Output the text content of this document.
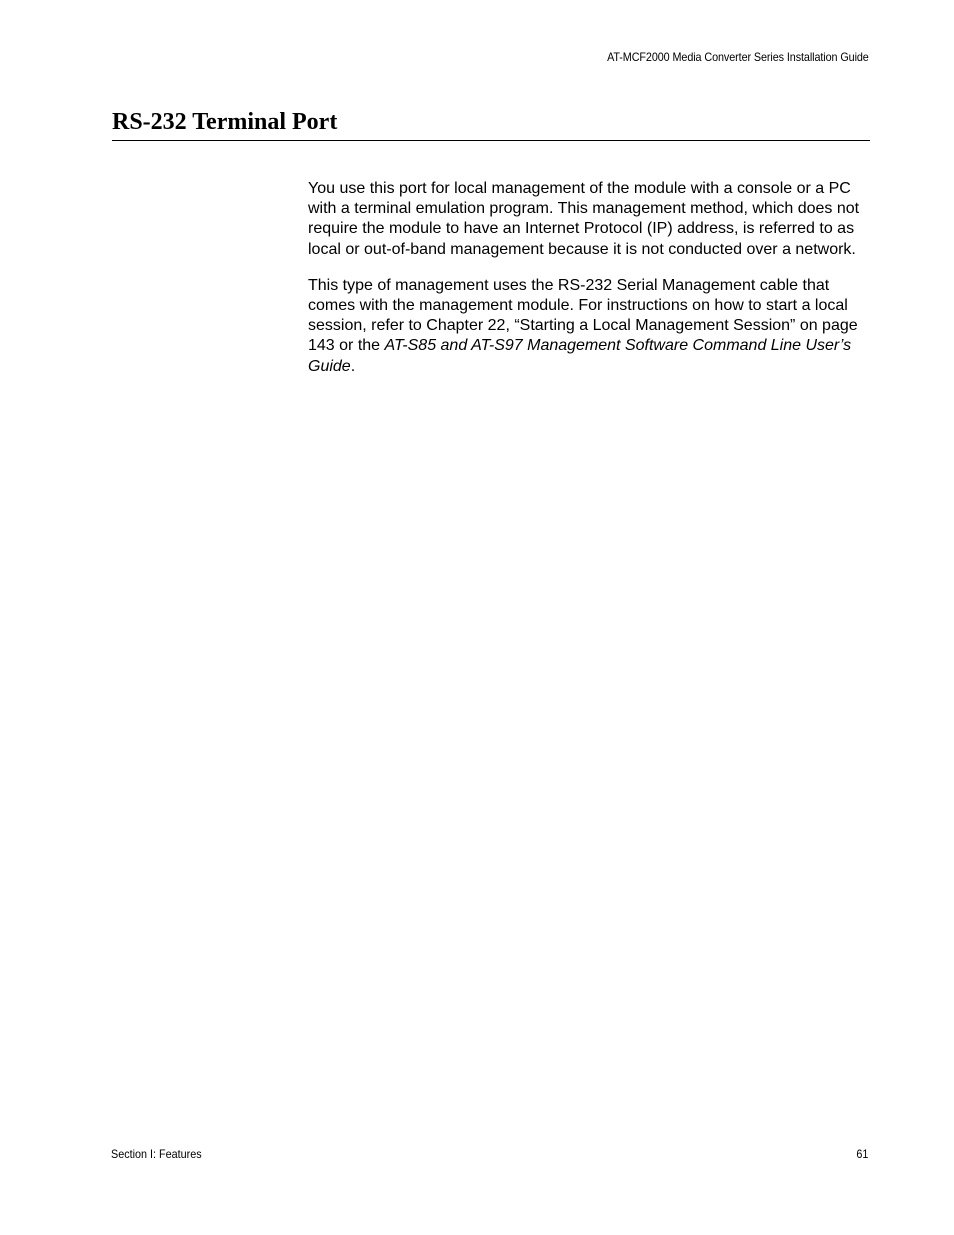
AT-MCF2000 Media Converter Series Installation Guide
RS-232 Terminal Port

You use this port for local management of the module with a console or a PC with a terminal emulation program. This management method, which does not require the module to have an Internet Protocol (IP) address, is referred to as local or out-of-band management because it is not conducted over a network.

This type of management uses the RS-232 Serial Management cable that comes with the management module. For instructions on how to start a local session, refer to Chapter 22, “Starting a Local Management Session” on page 143 or the AT-S85 and AT-S97 Management Software Command Line User’s Guide.

Section I: Features	61
